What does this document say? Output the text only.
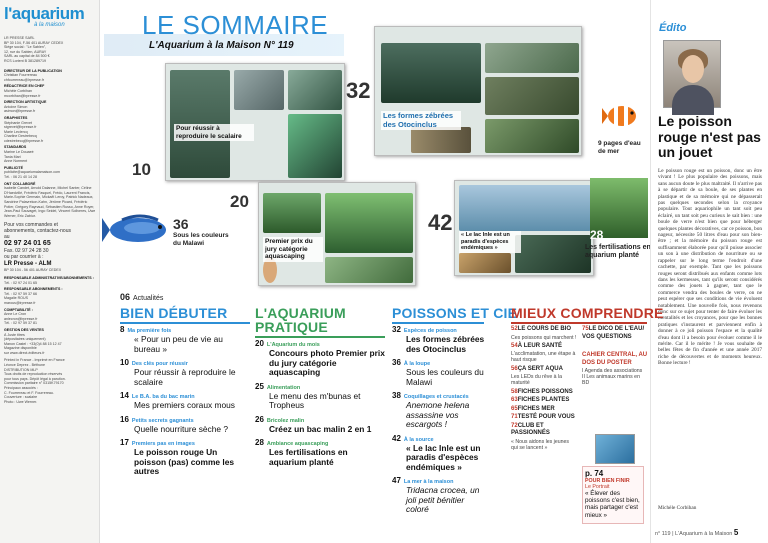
l'aquarium
à la maison
LR PRESSE SARL
BP 30 104, F-56 401 AURAY CEDEX
Siège social : "Le Sablen",
12, rue du Sablen, AURAY
SARL au capital de 84 500 €
RCS Lorient B 381289719
DIRECTEUR DE LA PUBLICATION
Christian Fourrereau
chfourrereau@lrpresse.fr
RÉDACTRICE EN CHEF
Michèle Corbihan
mcorbihan@lrpresse.fr
DIRECTION ARTISTIQUE
Antoine Simon
asimon@lrpresse.fr
GRAPHISTES
Stéphanie Grevet
stgrevet@lrpresse.fr
Marie Leclercq
Charline Destrebecq
cdestrebecq@lrpresse.fr
STANDARDS
Marine Le Douaeé
Tania Mari
Anne Norment
PUBLICITÉ
publicite@aquariumalamaison.com
Tél. : 06 21 40 14 28
ONT COLLABORÉ
Isabelle Candet, Arnold Dalanne, Michel Santer, Céline
D'Haedvillé, Frédéric Fasquel, Frédo, Laurent Francis,
Marie-Sophie Germain, Mickaël Leroy, Patrick Nadeaux,
Sandrine Palavrekon-Kahn, Jérôme Picard, Frédéric
Potier, Grégory Raynaud, Sébastien Russo, Anne Royer,
Jean-Paul Sauvaget, Ingo Seidel, Vincent Sollveres, Uwe
Werner, Eric Zabiur.
Pour vos commandes et
abonnements, contactez-nous
au
02 97 24 01 65
Fax. 02 97 24 28 30
ou par courrier à :
LR Presse - ALM
BP 30 104 - 56 401 AURAY CEDEX
RESPONSABLE ADMINISTRATIVE/ABONNEMENTS :
Tél. : 02 97 24 01 65
RESPONSABLE ABONNEMENTS :
Tél. : 02 97 59 37 66
Magalie ROUS
marous@lrpresse.fr
COMPTABILITÉ :
Anne Le Cron
anlecron@lrpresse.fr
Tél. : 02 97 59 37 81
GESTION DES VENTES
À Juste titres
(dépositaires uniquement)
Manon Castel : +33(0)4 88 15 12 47
Magazine disponible
sur www.direct-éditeurs.fr
Printed in France - Imprimé en France
Léonce Deprez - Béthune
DISTRIBUTION MLP
Tous droits de reproduction réservés
pour tous pays. Dépôt légal à parution.
Commission paritaire n° 0315K79170
Principaux associés :
C. Fourrereau et F. Fourrereau.
Couverture : scalaire
Photo : Uwe Werner.
LE SOMMAIRE
L'Aquarium à la Maison N° 119
Pour réussir à reproduire le scalaire
10
Les formes zébrées des Otocinclus
32
Premier prix du jury catégorie aquascaping
20
« Le lac Inle est un paradis d'espèces endémiques »
42	28
Les fertilisations en aquarium planté
36
Sous les couleurs du Malawi
9 pages d'eau de mer
Édito
Le poisson rouge n'est pas un jouet
Le poisson rouge est un poisson, donc un être vivant ! Le plus populaire des poissons, mais sans aucun doute le plus maltraité. Il n'arrive pas à se départir de sa boule, de ses plantes en plastique et de sa mémoire qui ne dépasserait pas quelques secondes selon la croyance populaire. Tout aquariophile un tant soit peu éclairé, un tant soit peu curieux le sait bien : une boule de verre n'est bien que pour héberger quelques plantes décoratives, car ce poisson, bon nageur, nécessite 50 litres d'eau pour son bien-être ; et la mémoire du poisson rouge est suffisamment élaborée pour qu'il puisse associer un son à une distribution de nourriture ou se rappeler sur le long terme l'endroit d'une cachette, par exemple. Tant que les poissons rouges seront distribués aux enfants comme lots dans les kermesses, tant qu'ils seront considérés comme des jouets à gagner, tant que le commerce vendra des boules de verre, on ne peut espérer que ses conditions de vie évoluent notablement. Une nouvelle fois, nous revenons donc sur ce sujet pour tenter de faire évoluer les mentalités et les croyances, pour que les bonnes pratiques s'instaurent et parviennent enfin à donner à ce joli poisson l'espace et la qualité d'eau dont il a besoin pour évoluer comme il le mérite. Car il le mérite ! Je vous souhaite de belles fêtes de fin d'année et une année 2017 riche de découvertes et de moments heureux. Bonne lecture !
Michèle Corbihan
n° 119 | L'Aquarium à la Maison 5
06 Actualités
BIEN DÉBUTER
8 Ma première fois
« Pour un peu de vie au bureau »
10 Des clés pour réussir
Pour réussir à reproduire le scalaire
14 Le B.A. ba du bac marin
Mes premiers coraux mous
16 Petits secrets gagnants
Quelle nourriture sèche ?
17 Premiers pas en images
Le poisson rouge Un poisson (pas) comme les autres
L'AQUARIUM PRATIQUE
20 L'Aquarium du mois
Concours photo Premier prix du jury catégorie aquascaping
25 Alimentation
Le menu des m'bunas et Tropheus
26 Bricolez malin
Créez un bac malin 2 en 1
28 Ambiance aquascaping
Les fertilisations en aquarium planté
POISSONS ET CIE
32 Espèces de poisson
Les formes zébrées des Otocinclus
36 À la loupe
Sous les couleurs du Malawi
38 Coquillages et crustacés
Anemone helena assassine vos escargots !
42 À la source
« Le lac Inle est un paradis d'espèces endémiques »
47 La mer à la maison
Tridacna crocea, un joli petit bénitier coloré
MIEUX COMPRENDRE
52LE COURS DE BIO
Ces poissons qui marchent !
54À LEUR SANTÉ
L'acclimatation, une étape à haut risque
56ÇA SERT AQUA
Les LEDs du rêve à la maturité
58FICHES POISSONS
63FICHES PLANTES
65FICHES MER
71TESTÉ POUR VOUS
72CLUB ET PASSIONNÉS
« Nous aidons les jeunes qui se lancent »
75LE DICO DE L'EAU/ VOS QUESTIONS
CAHIER CENTRAL, AU DOS DU POSTER
I Agenda des associations
II Les animaux marins en BD
p. 74
POUR BIEN FINIR
Le Portrait
« Élever des poissons c'est bien, mais partager c'est mieux »
